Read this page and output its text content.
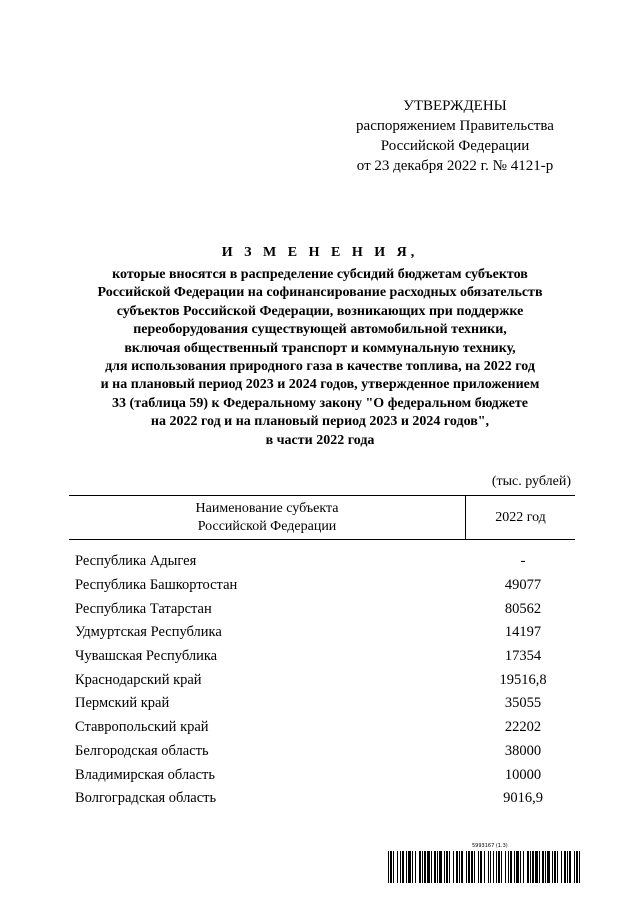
УТВЕРЖДЕНЫ
распоряжением Правительства
Российской Федерации
от 23 декабря 2022 г. № 4121-р
И З М Е Н Е Н И Я,
которые вносятся в распределение субсидий бюджетам субъектов
Российской Федерации на софинансирование расходных обязательств
субъектов Российской Федерации, возникающих при поддержке
переоборудования существующей автомобильной техники,
включая общественный транспорт и коммунальную технику,
для использования природного газа в качестве топлива, на 2022 год
и на плановый период 2023 и 2024 годов, утвержденное приложением
33 (таблица 59) к Федеральному закону "О федеральном бюджете
на 2022 год и на плановый период 2023 и 2024 годов",
в части 2022 года
(тыс. рублей)
Наименование субъекта
Российской Федерации
2022 год
Республика Адыгея	-
Республика Башкортостан	49077
Республика Татарстан	80562
Удмуртская Республика	14197
Чувашская Республика	17354
Краснодарский край	19516,8
Пермский край	35055
Ставропольский край	22202
Белгородская область	38000
Владимирская область	10000
Волгоградская область	9016,9
5993167 (1.3)
